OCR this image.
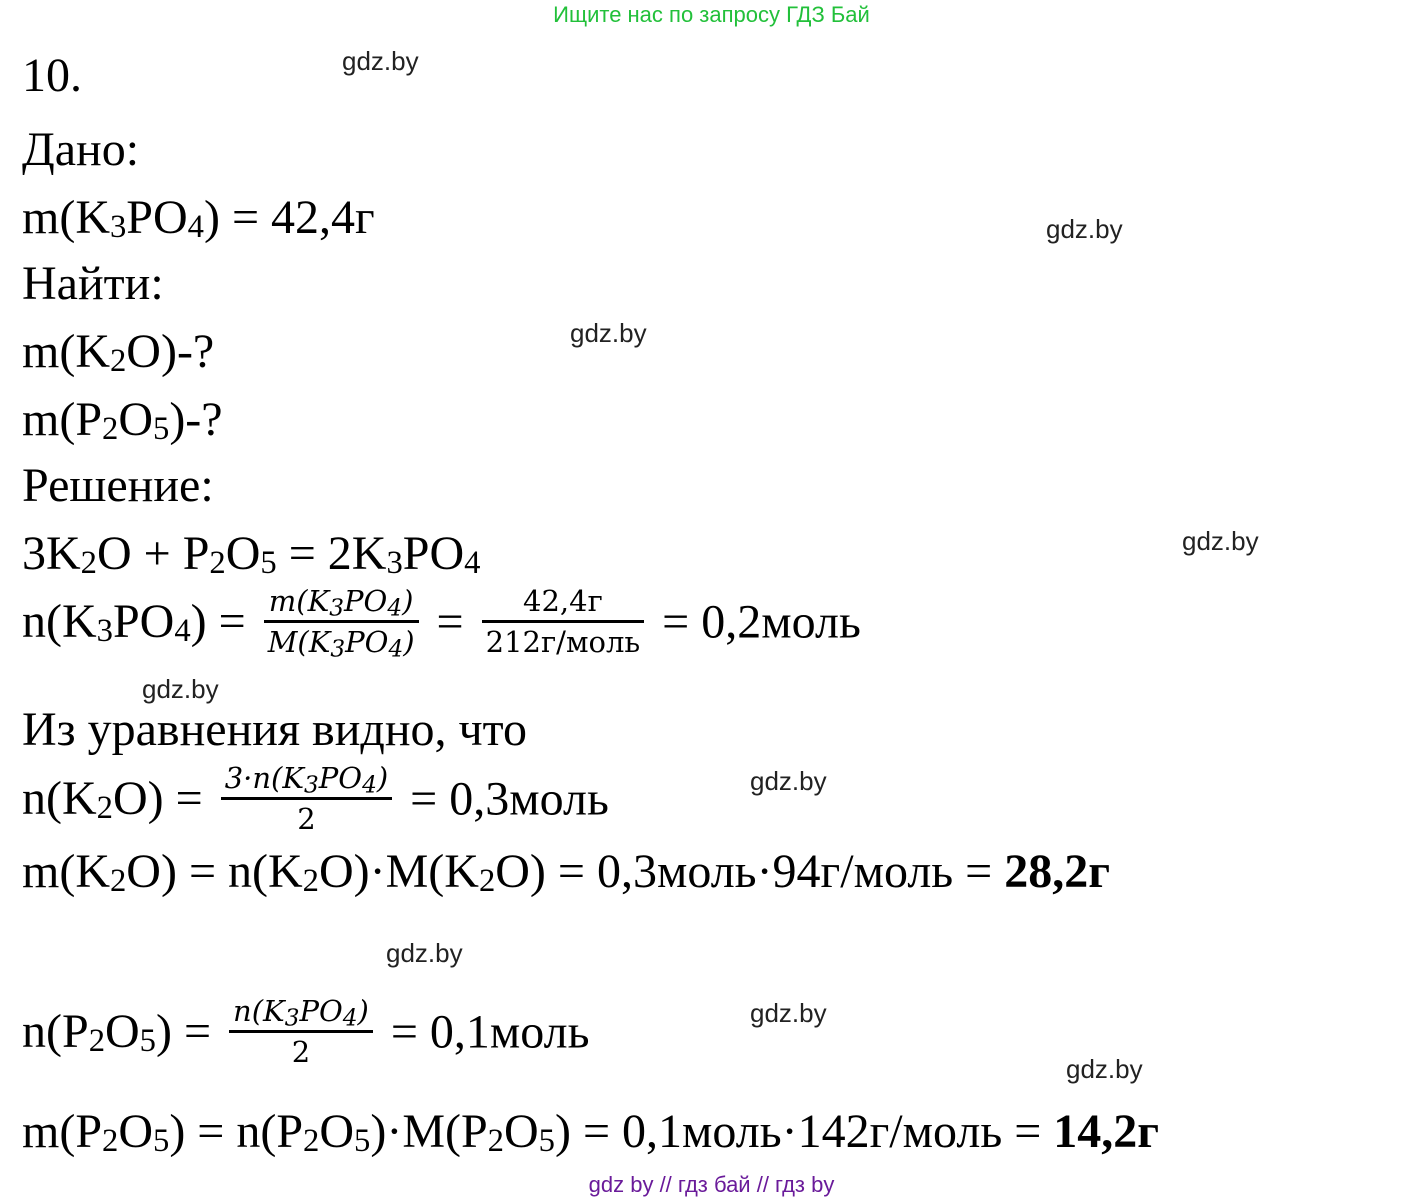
Ищите нас по запросу ГДЗ Бай
gdz.by
gdz.by
gdz.by
gdz.by
gdz.by
gdz.by
gdz.by
gdz.by
gdz.by
10.
Дано:
$m(K_3PO_4) = 42,4г$
Найти:
$m(K_2O)-$?
$m(P_2O_5)-$?
Решение:
$3K_2O + P_2O_5 = 2K_3PO_4$
$n(K_3PO_4) = \frac{m(K_3PO_4)}{M(K_3PO_4)} = \frac{42,4г}{\text{212г/моль}}$ = 0,2моль
Из уравнения видно, что
$n(K_2O) = \frac{3\cdot n(K_3PO_4)}{2}$ = 0,3моль
$m(K_2O) = n(K_2O)\cdot M(K_2O)$ = 0,3моль·94г/моль = 28,2г
$n(P_2O_5) = \frac{n(K_3PO_4)}{2}$ = 0,1моль
$m(P_2O_5) = n(P_2O_5)\cdot M(P_2O_5)$ = 0,1моль·142г/моль = 14,2г
gdz by // гдз бай // гдз by
